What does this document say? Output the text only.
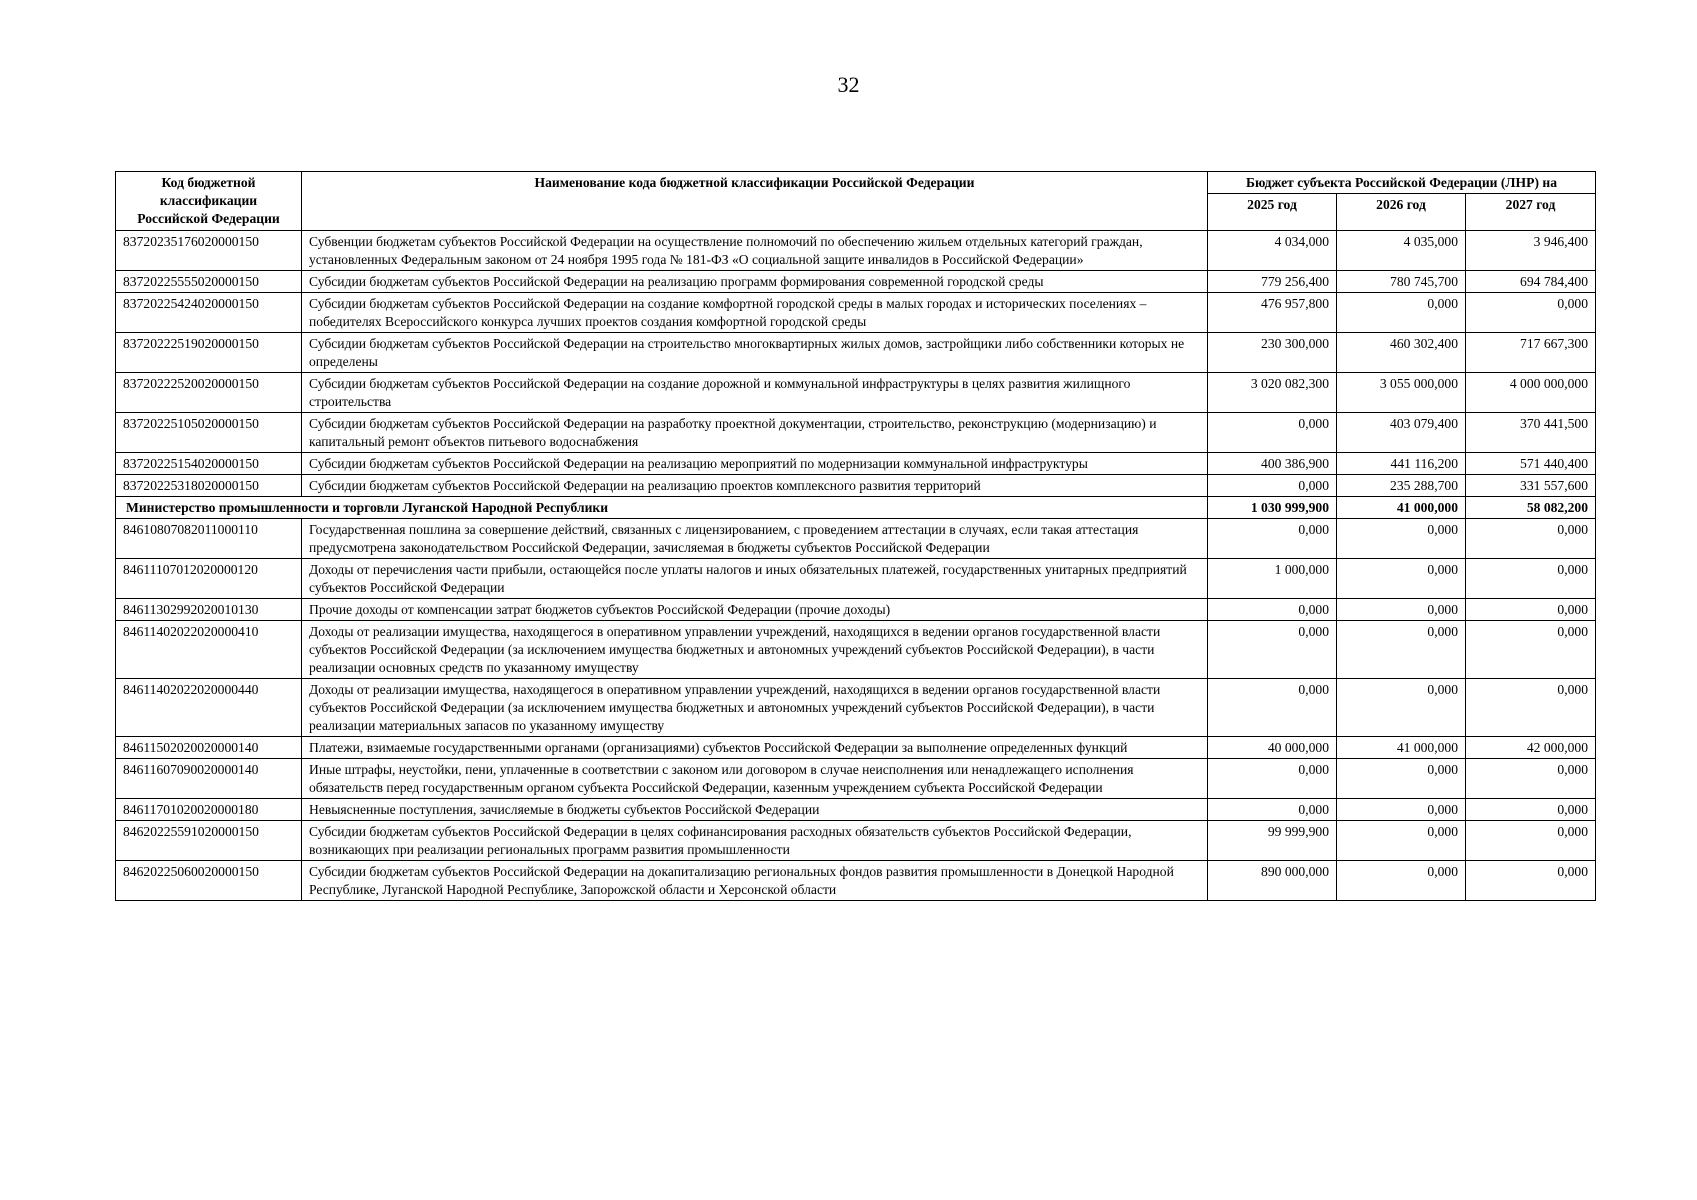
32
Код бюджетной классификации Российской Федерации	Наименование кода бюджетной классификации Российской Федерации	Бюджет субъекта Российской Федерации (ЛНР) на		
		2025 год	2026 год	2027 год
83720235176020000150	Субвенции бюджетам субъектов Российской Федерации на осуществление полномочий по обеспечению жильем отдельных категорий граждан, установленных Федеральным законом от 24 ноября 1995 года № 181-ФЗ «О социальной защите инвалидов в Российской Федерации»	4 034,000	4 035,000	3 946,400
83720225555020000150	Субсидии бюджетам субъектов Российской Федерации на реализацию программ формирования современной городской среды	779 256,400	780 745,700	694 784,400
83720225424020000150	Субсидии бюджетам субъектов Российской Федерации на создание комфортной городской среды в малых городах и исторических поселениях – победителях Всероссийского конкурса лучших проектов создания комфортной городской среды	476 957,800	0,000	0,000
83720222519020000150	Субсидии бюджетам субъектов Российской Федерации на строительство многоквартирных жилых домов, застройщики либо собственники которых не определены	230 300,000	460 302,400	717 667,300
83720222520020000150	Субсидии бюджетам субъектов Российской Федерации на создание дорожной и коммунальной инфраструктуры в целях развития жилищного строительства	3 020 082,300	3 055 000,000	4 000 000,000
83720225105020000150	Субсидии бюджетам субъектов Российской Федерации на разработку проектной документации, строительство, реконструкцию (модернизацию) и капитальный ремонт объектов питьевого водоснабжения	0,000	403 079,400	370 441,500
83720225154020000150	Субсидии бюджетам субъектов Российской Федерации на реализацию мероприятий по модернизации коммунальной инфраструктуры	400 386,900	441 116,200	571 440,400
83720225318020000150	Субсидии бюджетам субъектов Российской Федерации на реализацию проектов комплексного развития территорий	0,000	235 288,700	331 557,600
Министерство промышленности и торговли Луганской Народной Республики		1 030 999,900	41 000,000	58 082,200
84610807082011000110	Государственная пошлина за совершение действий, связанных с лицензированием, с проведением аттестации в случаях, если такая аттестация предусмотрена законодательством Российской Федерации, зачисляемая в бюджеты субъектов Российской Федерации	0,000	0,000	0,000
84611107012020000120	Доходы от перечисления части прибыли, остающейся после уплаты налогов и иных обязательных платежей, государственных унитарных предприятий субъектов Российской Федерации	1 000,000	0,000	0,000
84611302992020010130	Прочие доходы от компенсации затрат бюджетов субъектов Российской Федерации (прочие доходы)	0,000	0,000	0,000
84611402022020000410	Доходы от реализации имущества, находящегося в оперативном управлении учреждений, находящихся в ведении органов государственной власти субъектов Российской Федерации (за исключением имущества бюджетных и автономных учреждений субъектов Российской Федерации), в части реализации основных средств по указанному имуществу	0,000	0,000	0,000
84611402022020000440	Доходы от реализации имущества, находящегося в оперативном управлении учреждений, находящихся в ведении органов государственной власти субъектов Российской Федерации (за исключением имущества бюджетных и автономных учреждений субъектов Российской Федерации), в части реализации материальных запасов по указанному имуществу	0,000	0,000	0,000
84611502020020000140	Платежи, взимаемые государственными органами (организациями) субъектов Российской Федерации за выполнение определенных функций	40 000,000	41 000,000	42 000,000
84611607090020000140	Иные штрафы, неустойки, пени, уплаченные в соответствии с законом или договором в случае неисполнения или ненадлежащего исполнения обязательств перед государственным органом субъекта Российской Федерации, казенным учреждением субъекта Российской Федерации	0,000	0,000	0,000
84611701020020000180	Невыясненные поступления, зачисляемые в бюджеты субъектов Российской Федерации	0,000	0,000	0,000
84620225591020000150	Субсидии бюджетам субъектов Российской Федерации в целях софинансирования расходных обязательств субъектов Российской Федерации, возникающих при реализации региональных программ развития промышленности	99 999,900	0,000	0,000
84620225060020000150	Субсидии бюджетам субъектов Российской Федерации на докапитализацию региональных фондов развития промышленности в Донецкой Народной Республике, Луганской Народной Республике, Запорожской области и Херсонской области	890 000,000	0,000	0,000
